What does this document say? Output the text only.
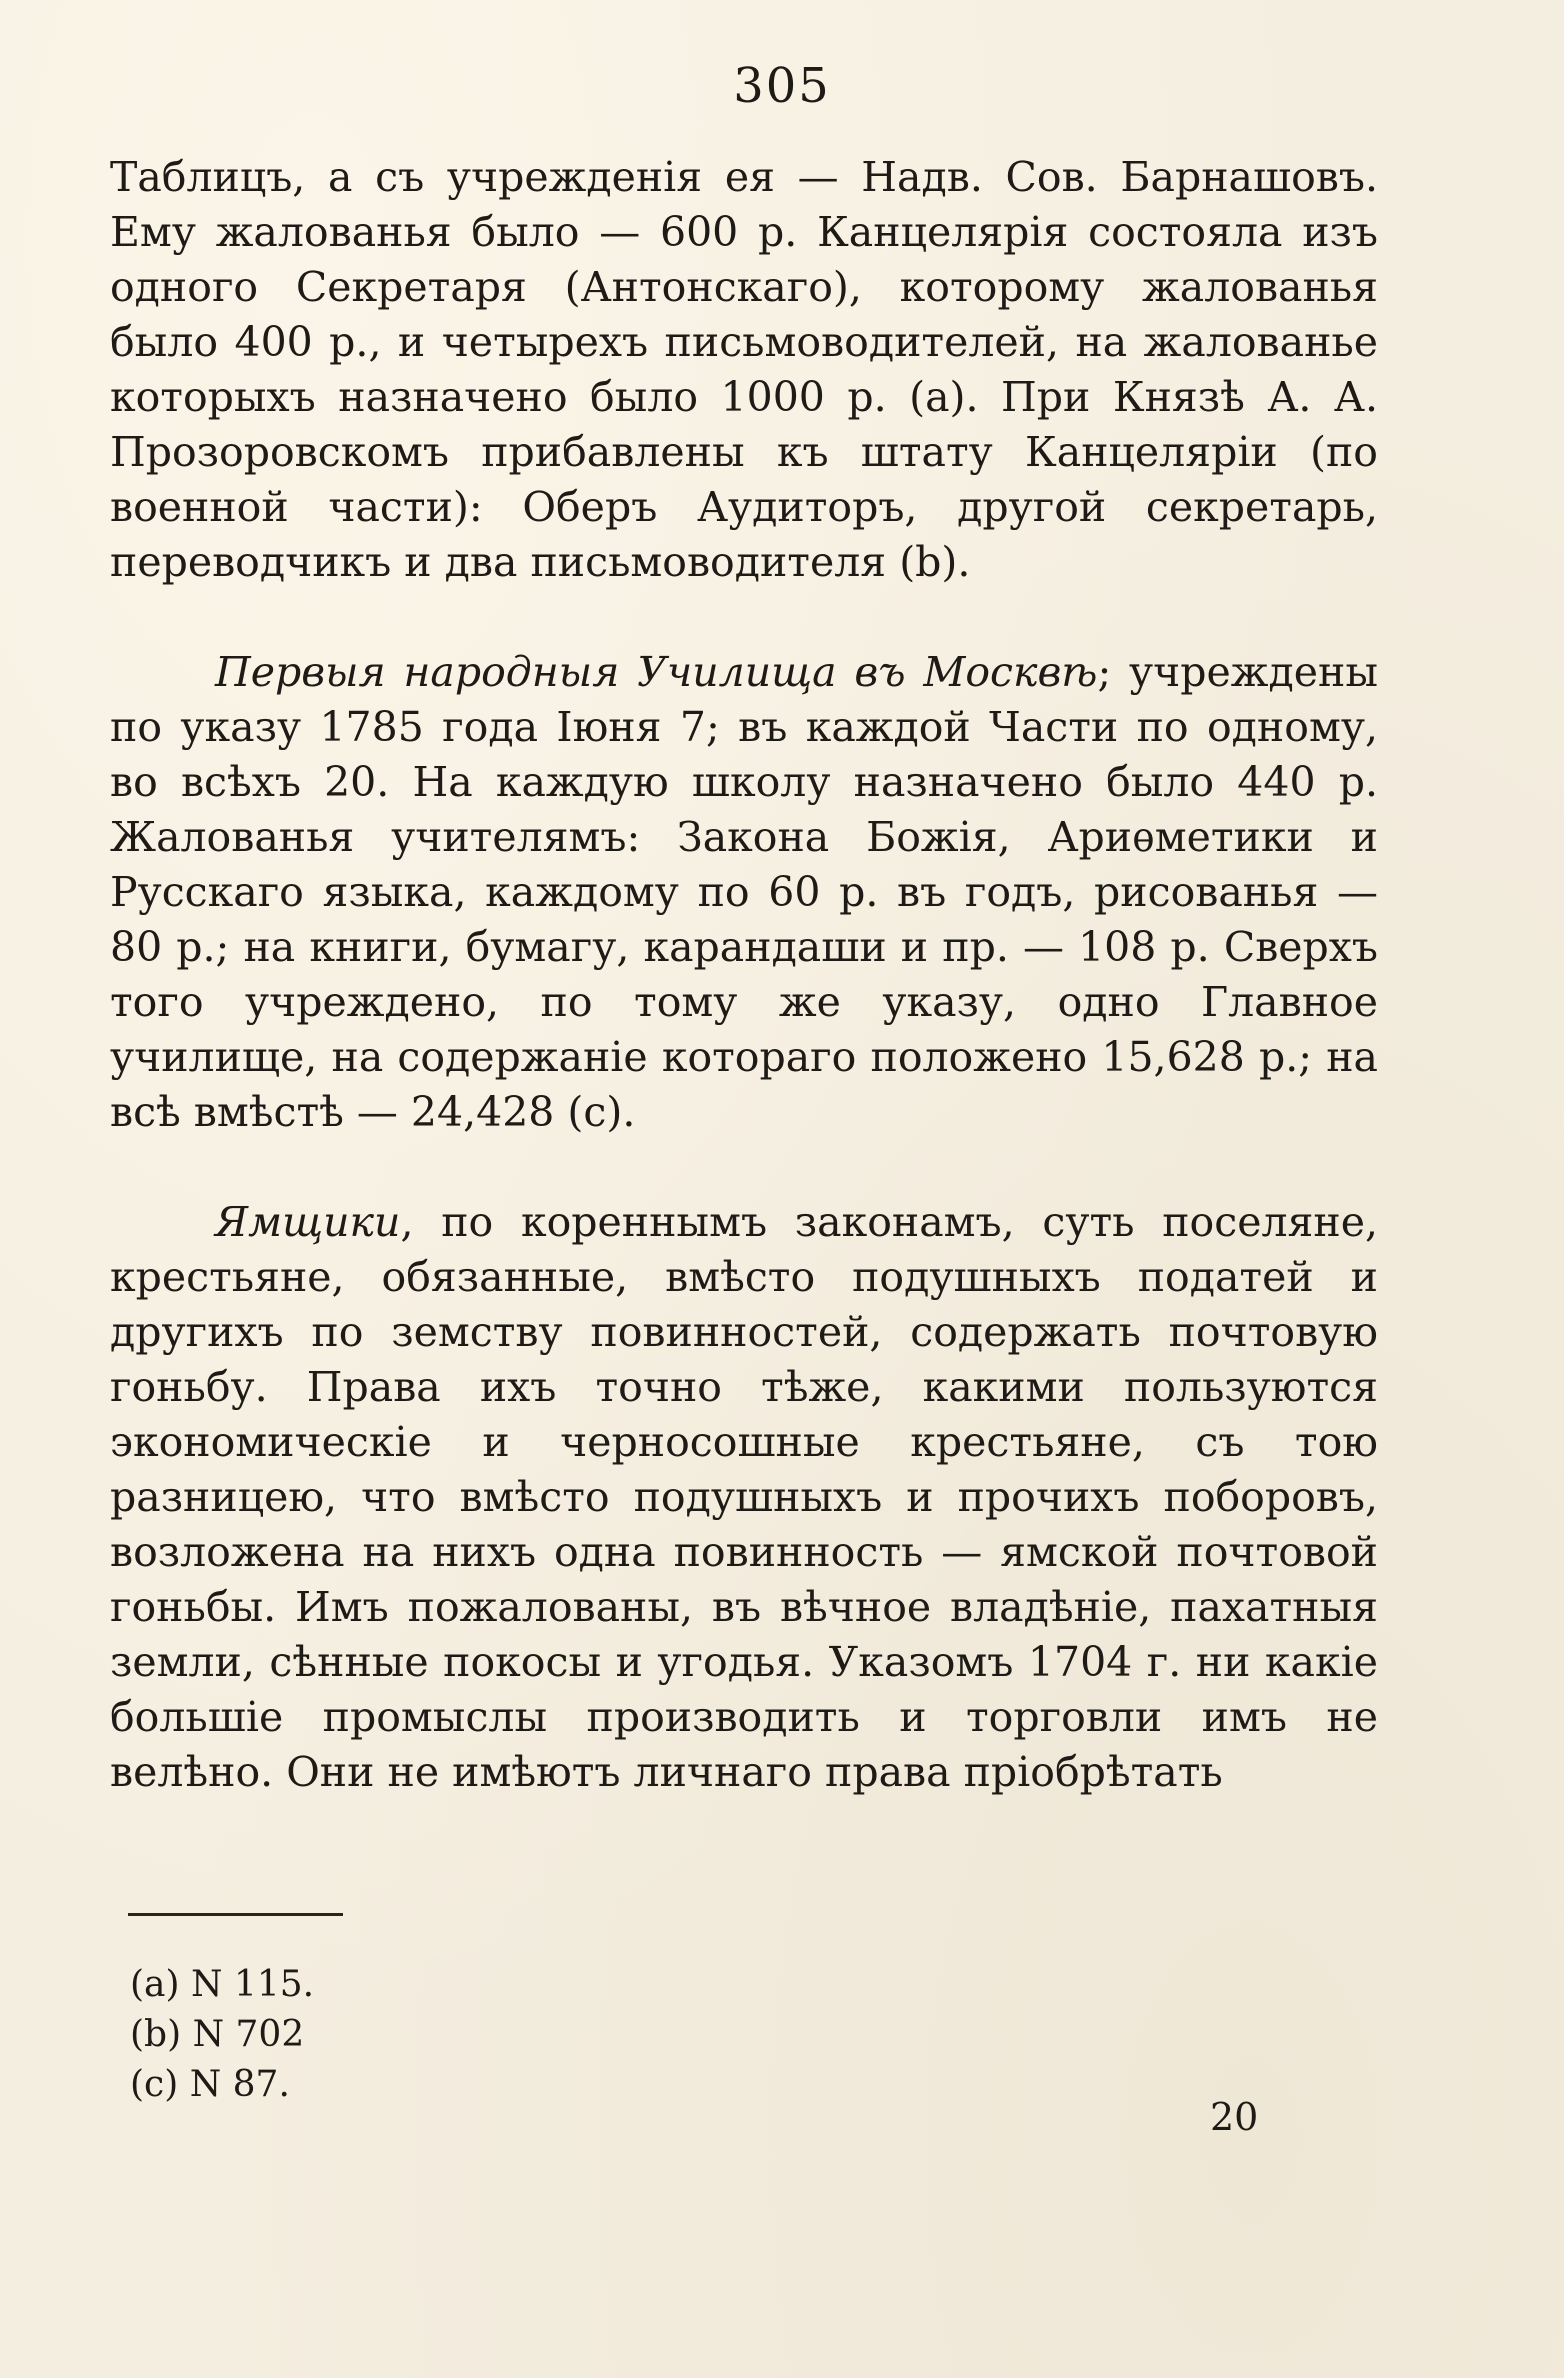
305

Таблицъ, а съ учрежденія ея — Надв. Сов. Барнашовъ. Ему жалованья было — 600 р. Канцелярія состояла изъ одного Секретаря (Антонскаго), которому жалованья было 400 р., и четырехъ письмоводителей, на жалованье которыхъ назначено было 1000 р. (a). При Князѣ А. А. Прозоровскомъ прибавлены къ штату Канцеляріи (по военной части): Оберъ Аудиторъ, другой секретарь, переводчикъ и два письмоводителя (b).

Первыя народныя Училища въ Москвѣ; учреждены по указу 1785 года Іюня 7; въ каждой Части по одному, во всѣхъ 20. На каждую школу назначено было 440 р. Жалованья учителямъ: Закона Божія, Ариѳметики и Русскаго языка, каждому по 60 р. въ годъ, рисованья — 80 р.; на книги, бумагу, карандаши и пр. — 108 р. Сверхъ того учреждено, по тому же указу, одно Главное училище, на содержаніе котораго положено 15,628 р.; на всѣ вмѣстѣ — 24,428 (c).

Ямщики, по кореннымъ законамъ, суть поселяне, крестьяне, обязанные, вмѣсто подушныхъ податей и другихъ по земству повинностей, содержать почтовую гоньбу. Права ихъ точно тѣже, какими пользуются экономическіе и черносошные крестьяне, съ тою разницею, что вмѣсто подушныхъ и прочихъ поборовъ, возложена на нихъ одна повинность — ямской почтовой гоньбы. Имъ пожалованы, въ вѣчное владѣніе, пахатныя земли, сѣнные покосы и угодья. Указомъ 1704 г. ни какіе большіе промыслы производить и торговли имъ не велѣно. Они не имѣютъ личнаго права пріобрѣтать

(a) N 115.
(b) N 702
(c) N 87.
20
